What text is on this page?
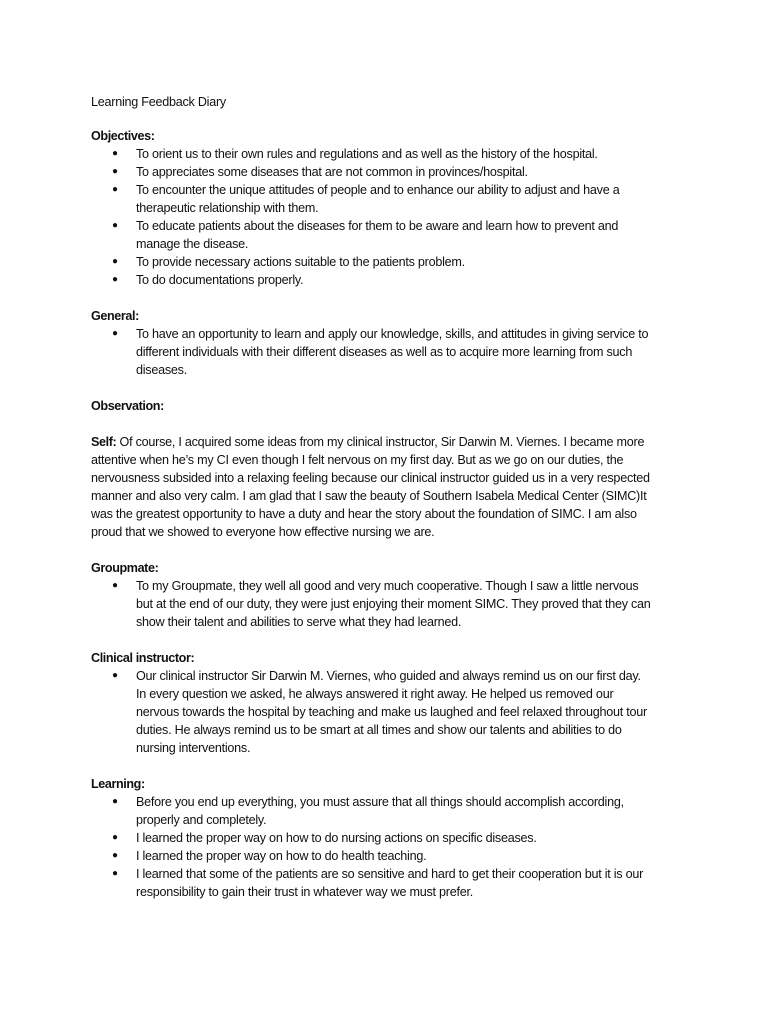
Learning Feedback Diary
Objectives:
● To orient us to their own rules and regulations and as well as the history of the hospital.
● To appreciates some diseases that are not common in provinces/hospital.
● To encounter the unique attitudes of people and to enhance our ability to adjust and have a therapeutic relationship with them.
● To educate patients about the diseases for them to be aware and learn how to prevent and manage the disease.
● To provide necessary actions suitable to the patients problem.
● To do documentations properly.
General:
● To have an opportunity to learn and apply our knowledge, skills, and attitudes in giving service to different individuals with their different diseases as well as to acquire more learning from such diseases.
Observation:

Self: Of course, I acquired some ideas from my clinical instructor, Sir Darwin M. Viernes. I became more attentive when he’s my CI even though I felt nervous on my first day. But as we go on our duties, the nervousness subsided into a relaxing feeling because our clinical instructor guided us in a very respected manner and also very calm. I am glad that I saw the beauty of Southern Isabela Medical Center (SIMC)It was the greatest opportunity to have a duty and hear the story about the foundation of SIMC. I am also proud that we showed to everyone how effective nursing we are.

Groupmate:
● To my Groupmate, they well all good and very much cooperative. Though I saw a little nervous but at the end of our duty, they were just enjoying their moment SIMC. They proved that they can show their talent and abilities to serve what they had learned.
Clinical instructor:
● Our clinical instructor Sir Darwin M. Viernes, who guided and always remind us on our first day. In every question we asked, he always answered it right away. He helped us removed our nervous towards the hospital by teaching and make us laughed and feel relaxed throughout tour duties. He always remind us to be smart at all times and show our talents and abilities to do nursing interventions.
Learning:
● Before you end up everything, you must assure that all things should accomplish according, properly and completely.
● I learned the proper way on how to do nursing actions on specific diseases.
● I learned the proper way on how to do health teaching.
● I learned that some of the patients are so sensitive and hard to get their cooperation but it is our responsibility to gain their trust in whatever way we must prefer.
